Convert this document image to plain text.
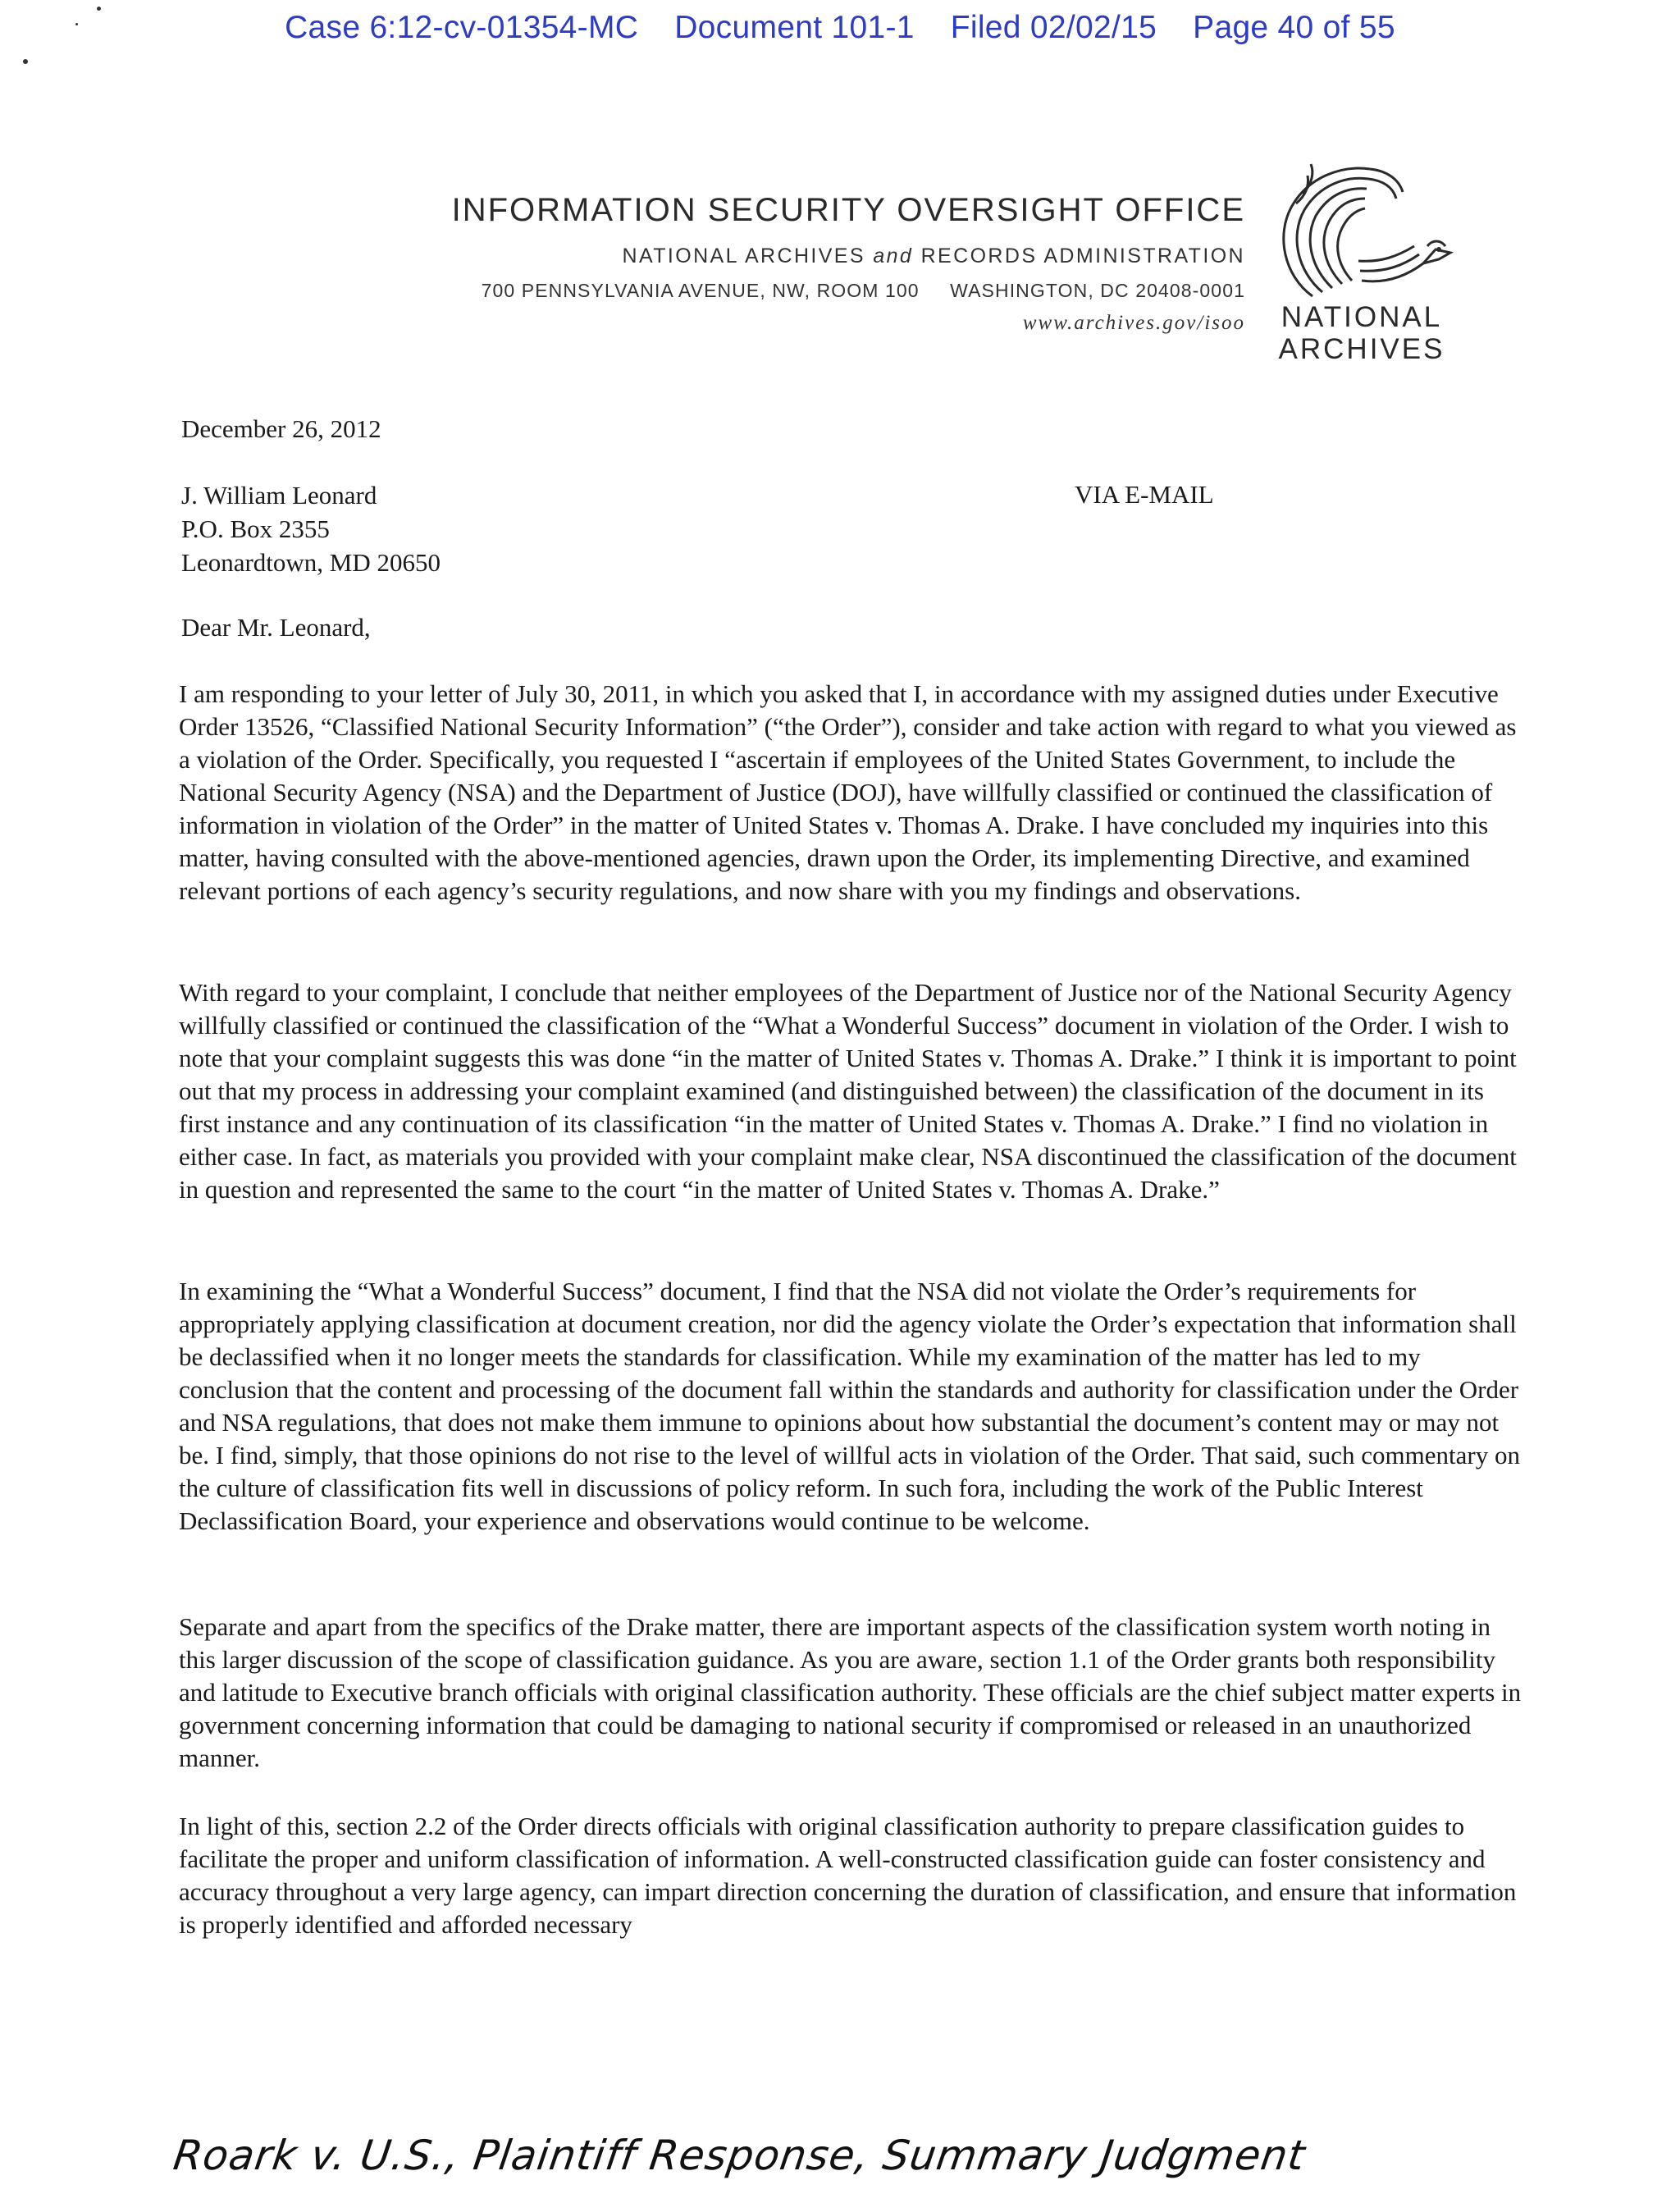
Case 6:12-cv-01354-MC Document 101-1 Filed 02/02/15 Page 40 of 55
INFORMATION SECURITY OVERSIGHT OFFICE
NATIONAL ARCHIVES and RECORDS ADMINISTRATION
700 PENNSYLVANIA AVENUE, NW, ROOM 100     WASHINGTON, DC 20408-0001
www.archives.gov/isoo NATIONAL
ARCHIVES
December 26, 2012
J. William Leonard
P.O. Box 2355
Leonardtown, MD 20650
VIA E-MAIL
Dear Mr. Leonard,

I am responding to your letter of July 30, 2011, in which you asked that I, in accordance with my assigned duties under Executive Order 13526, “Classified National Security Information” (“the Order”), consider and take action with regard to what you viewed as a violation of the Order. Specifically, you requested I “ascertain if employees of the United States Government, to include the National Security Agency (NSA) and the Department of Justice (DOJ), have willfully classified or continued the classification of information in violation of the Order” in the matter of United States v. Thomas A. Drake. I have concluded my inquiries into this matter, having consulted with the above-mentioned agencies, drawn upon the Order, its implementing Directive, and examined relevant portions of each agency’s security regulations, and now share with you my findings and observations.

With regard to your complaint, I conclude that neither employees of the Department of Justice nor of the National Security Agency willfully classified or continued the classification of the “What a Wonderful Success” document in violation of the Order. I wish to note that your complaint suggests this was done “in the matter of United States v. Thomas A. Drake.” I think it is important to point out that my process in addressing your complaint examined (and distinguished between) the classification of the document in its first instance and any continuation of its classification “in the matter of United States v. Thomas A. Drake.” I find no violation in either case. In fact, as materials you provided with your complaint make clear, NSA discontinued the classification of the document in question and represented the same to the court “in the matter of United States v. Thomas A. Drake.”

In examining the “What a Wonderful Success” document, I find that the NSA did not violate the Order’s requirements for appropriately applying classification at document creation, nor did the agency violate the Order’s expectation that information shall be declassified when it no longer meets the standards for classification. While my examination of the matter has led to my conclusion that the content and processing of the document fall within the standards and authority for classification under the Order and NSA regulations, that does not make them immune to opinions about how substantial the document’s content may or may not be. I find, simply, that those opinions do not rise to the level of willful acts in violation of the Order. That said, such commentary on the culture of classification fits well in discussions of policy reform. In such fora, including the work of the Public Interest Declassification Board, your experience and observations would continue to be welcome.

Separate and apart from the specifics of the Drake matter, there are important aspects of the classification system worth noting in this larger discussion of the scope of classification guidance. As you are aware, section 1.1 of the Order grants both responsibility and latitude to Executive branch officials with original classification authority. These officials are the chief subject matter experts in government concerning information that could be damaging to national security if compromised or released in an unauthorized manner.

In light of this, section 2.2 of the Order directs officials with original classification authority to prepare classification guides to facilitate the proper and uniform classification of information. A well-constructed classification guide can foster consistency and accuracy throughout a very large agency, can impart direction concerning the duration of classification, and ensure that information is properly identified and afforded necessary

Roark v. U.S., Plaintiff Response, Summary Judgment
